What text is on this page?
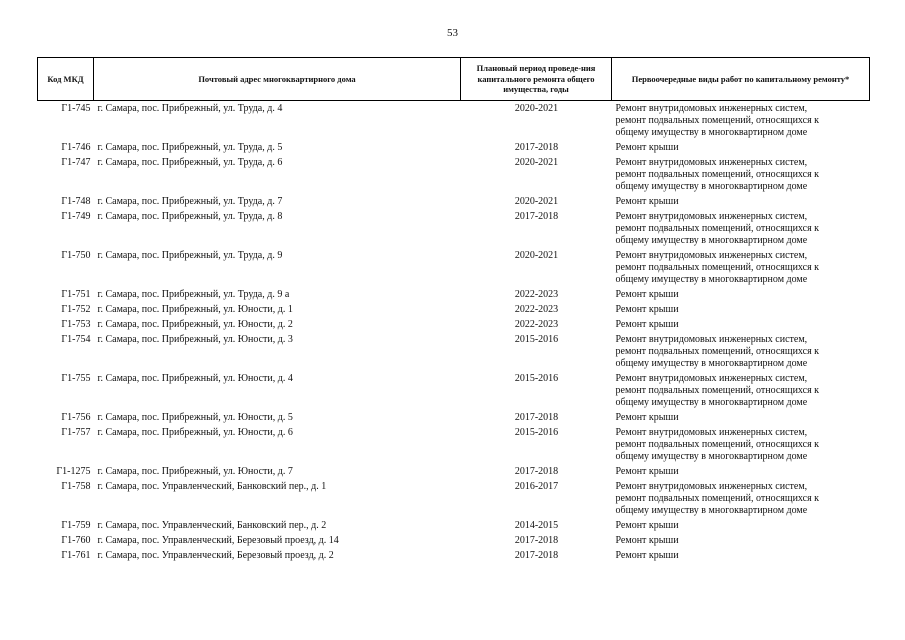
53
Код МКД	Почтовый адрес многоквартирного дома	Плановый период проведе-ния капитального ремонта общего имущества, годы	Первоочередные виды работ по капитальному ремонту*
Г1-745	г. Самара, пос. Прибрежный, ул. Труда, д. 4	2020-2021	Ремонт внутридомовых инженерных систем,
ремонт подвальных помещений, относящихся к
общему имуществу в многоквартирном доме

Г1-746	г. Самара, пос. Прибрежный, ул. Труда, д. 5	2017-2018	Ремонт крыши

Г1-747	г. Самара, пос. Прибрежный, ул. Труда, д. 6	2020-2021	Ремонт внутридомовых инженерных систем,
ремонт подвальных помещений, относящихся к
общему имуществу в многоквартирном доме

Г1-748	г. Самара, пос. Прибрежный, ул. Труда, д. 7	2020-2021	Ремонт крыши

Г1-749	г. Самара, пос. Прибрежный, ул. Труда, д. 8	2017-2018	Ремонт внутридомовых инженерных систем,
ремонт подвальных помещений, относящихся к
общему имуществу в многоквартирном доме

Г1-750	г. Самара, пос. Прибрежный, ул. Труда, д. 9	2020-2021	Ремонт внутридомовых инженерных систем,
ремонт подвальных помещений, относящихся к
общему имуществу в многоквартирном доме

Г1-751	г. Самара, пос. Прибрежный, ул. Труда, д. 9 а	2022-2023	Ремонт крыши

Г1-752	г. Самара, пос. Прибрежный, ул. Юности, д. 1	2022-2023	Ремонт крыши

Г1-753	г. Самара, пос. Прибрежный, ул. Юности, д. 2	2022-2023	Ремонт крыши

Г1-754	г. Самара, пос. Прибрежный, ул. Юности, д. 3	2015-2016	Ремонт внутридомовых инженерных систем,
ремонт подвальных помещений, относящихся к
общему имуществу в многоквартирном доме

Г1-755	г. Самара, пос. Прибрежный, ул. Юности, д. 4	2015-2016	Ремонт внутридомовых инженерных систем,
ремонт подвальных помещений, относящихся к
общему имуществу в многоквартирном доме

Г1-756	г. Самара, пос. Прибрежный, ул. Юности, д. 5	2017-2018	Ремонт крыши

Г1-757	г. Самара, пос. Прибрежный, ул. Юности, д. 6	2015-2016	Ремонт внутридомовых инженерных систем,
ремонт подвальных помещений, относящихся к
общему имуществу в многоквартирном доме

Г1-1275	г. Самара, пос. Прибрежный, ул. Юности, д. 7	2017-2018	Ремонт крыши

Г1-758	г. Самара, пос. Управленческий, Банковский пер., д. 1	2016-2017	Ремонт внутридомовых инженерных систем,
ремонт подвальных помещений, относящихся к
общему имуществу в многоквартирном доме

Г1-759	г. Самара, пос. Управленческий, Банковский пер., д. 2	2014-2015	Ремонт крыши

Г1-760	г. Самара, пос. Управленческий, Березовый проезд, д. 14	2017-2018	Ремонт крыши

Г1-761	г. Самара, пос. Управленческий, Березовый проезд, д. 2	2017-2018	Ремонт крыши
